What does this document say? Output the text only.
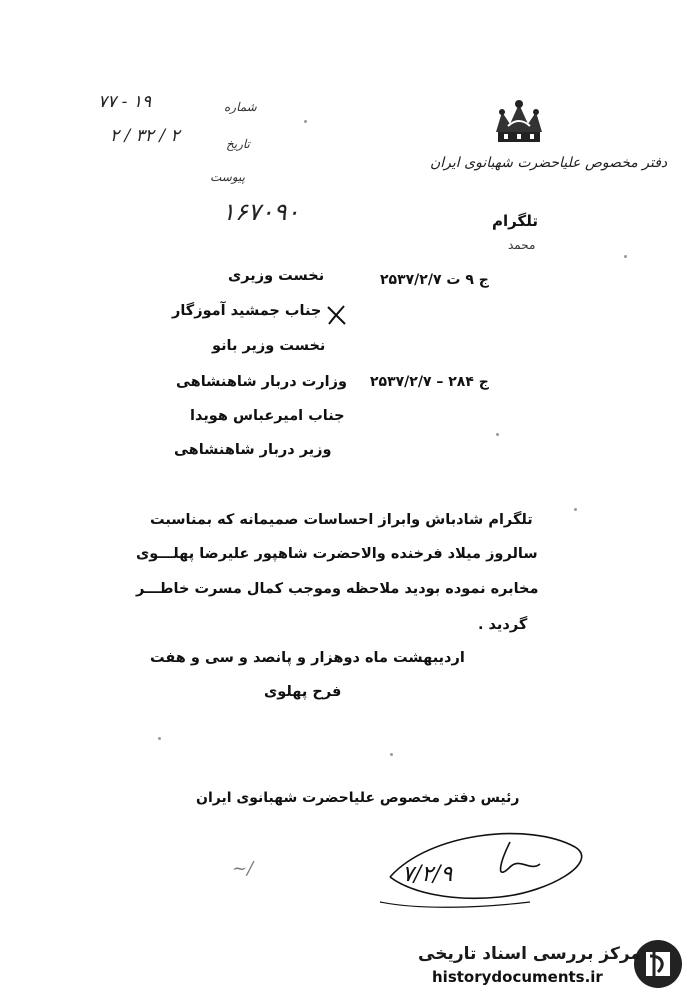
۷۷ - ۱۹	شماره
۲ / ۳۲ / ۲	تاریخ
پیوست
۱۶۷۰۹۰
دفتر مخصوص علیاحضرت شهبانوی ایران
تلگرام
محمد
ج ۹ ت ۲۵۳۷/۲/۷
ج ۲۸۴ – ۲۵۳۷/۲/۷
نخست وزیری
جناب جمشید آموزگار
نخست وزیر بانو
وزارت دربار شاهنشاهی
جناب امیرعباس هویدا
وزیر دربار شاهنشاهی
تلگرام شادباش وابراز احساسات صمیمانه که بمناسبت
سالروز میلاد فرخنده والاحضرت شاهپور علیرضا پهلـــوی
مخابره نموده بودید ملاحظه وموجب کمال مسرت خاطـــر
گردید .
اردیبهشت ماه دوهزار و پانصد و سی و هفت
فرح پهلوی
رئیس دفتر مخصوص علیاحضرت شهبانوی ایران
۷/۲/۹
~/
مرکز بررسی اسناد تاریخی
historydocuments.ir
